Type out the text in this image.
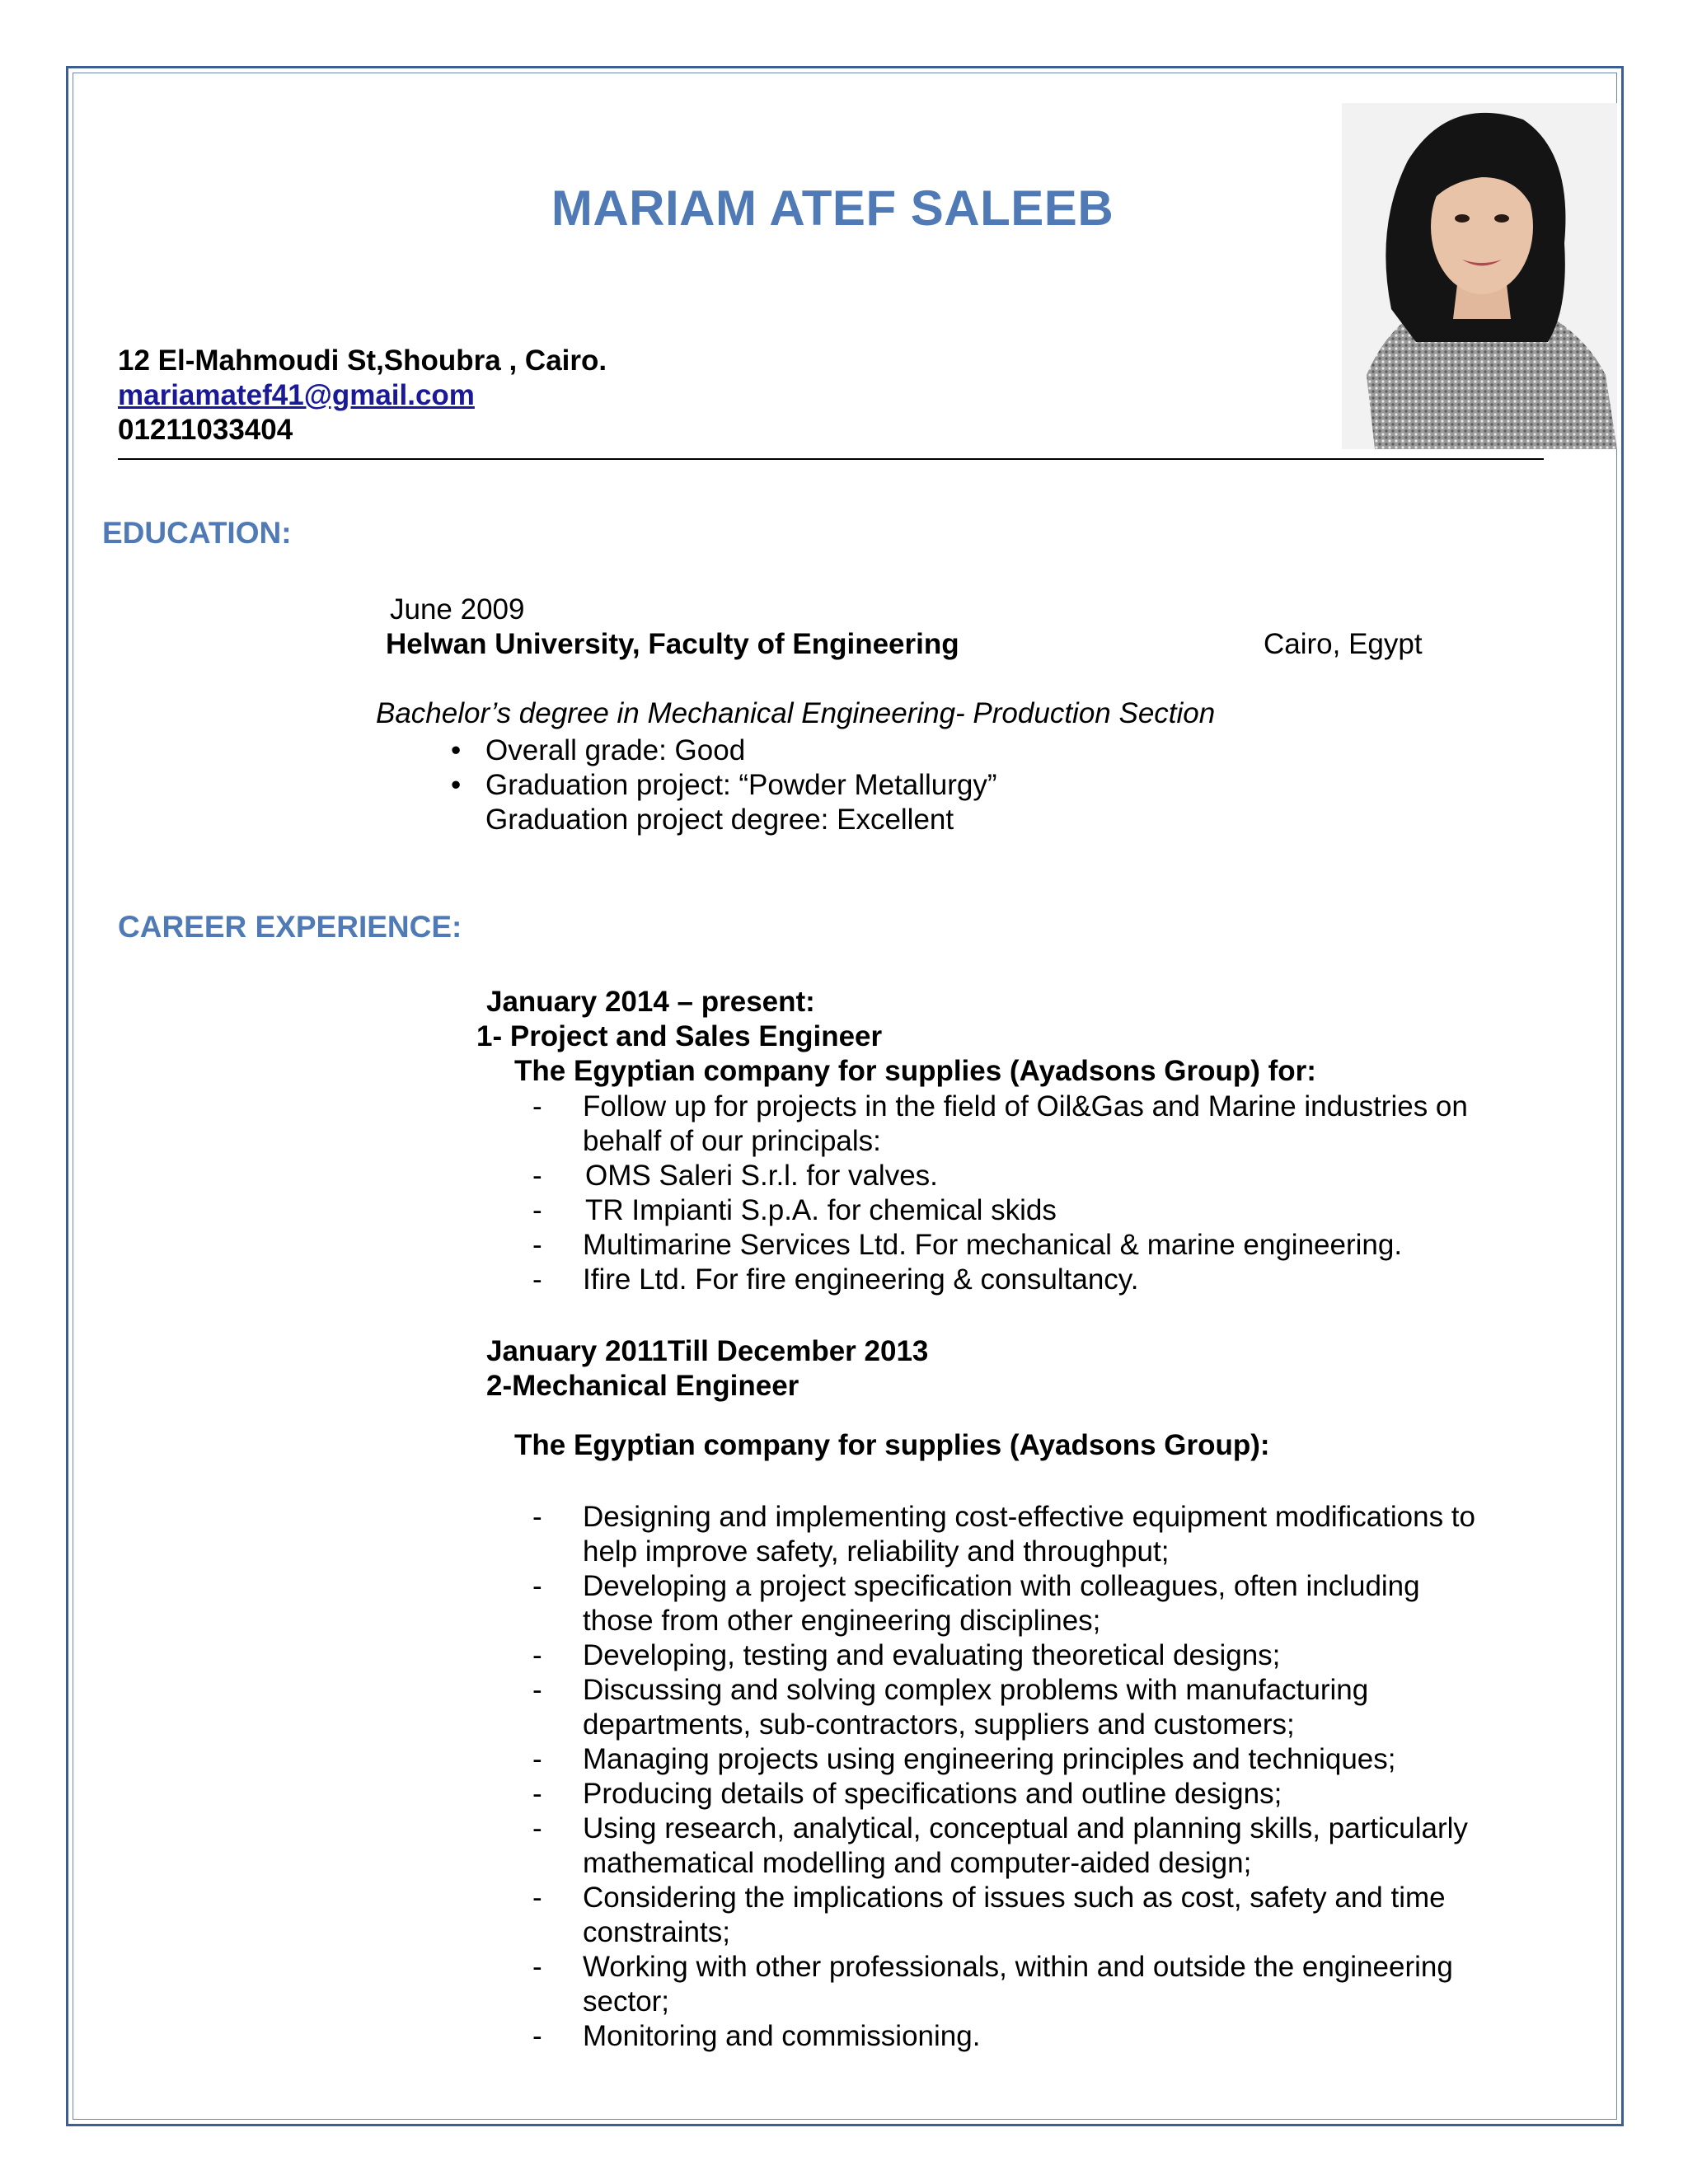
MARIAM ATEF SALEEB
12 El-Mahmoudi St,Shoubra , Cairo.
mariamatef41@gmail.com
01211033404
EDUCATION:
June 2009
Helwan University, Faculty of Engineering	Cairo, Egypt
Bachelor’s degree in Mechanical Engineering- Production Section
• Overall grade: Good
• Graduation project: “Powder Metallurgy”
Graduation project degree: Excellent
CAREER EXPERIENCE:
January 2014 – present:
1- Project and Sales Engineer
The Egyptian company for supplies (Ayadsons Group) for:
- Follow up for projects in the field of Oil&Gas and Marine industries on
behalf of our principals:
- OMS Saleri S.r.l. for valves.
- TR Impianti S.p.A. for chemical skids
- Multimarine Services Ltd. For mechanical & marine engineering.
- Ifire Ltd. For fire engineering & consultancy.
January 2011Till December 2013
2-Mechanical Engineer
The Egyptian company for supplies (Ayadsons Group):
- Designing and implementing cost-effective equipment modifications to
help improve safety, reliability and throughput;
- Developing a project specification with colleagues, often including
those from other engineering disciplines;
- Developing, testing and evaluating theoretical designs;
- Discussing and solving complex problems with manufacturing
departments, sub-contractors, suppliers and customers;
- Managing projects using engineering principles and techniques;
- Producing details of specifications and outline designs;
- Using research, analytical, conceptual and planning skills, particularly
mathematical modelling and computer-aided design;
- Considering the implications of issues such as cost, safety and time
constraints;
- Working with other professionals, within and outside the engineering
sector;
- Monitoring and commissioning.
